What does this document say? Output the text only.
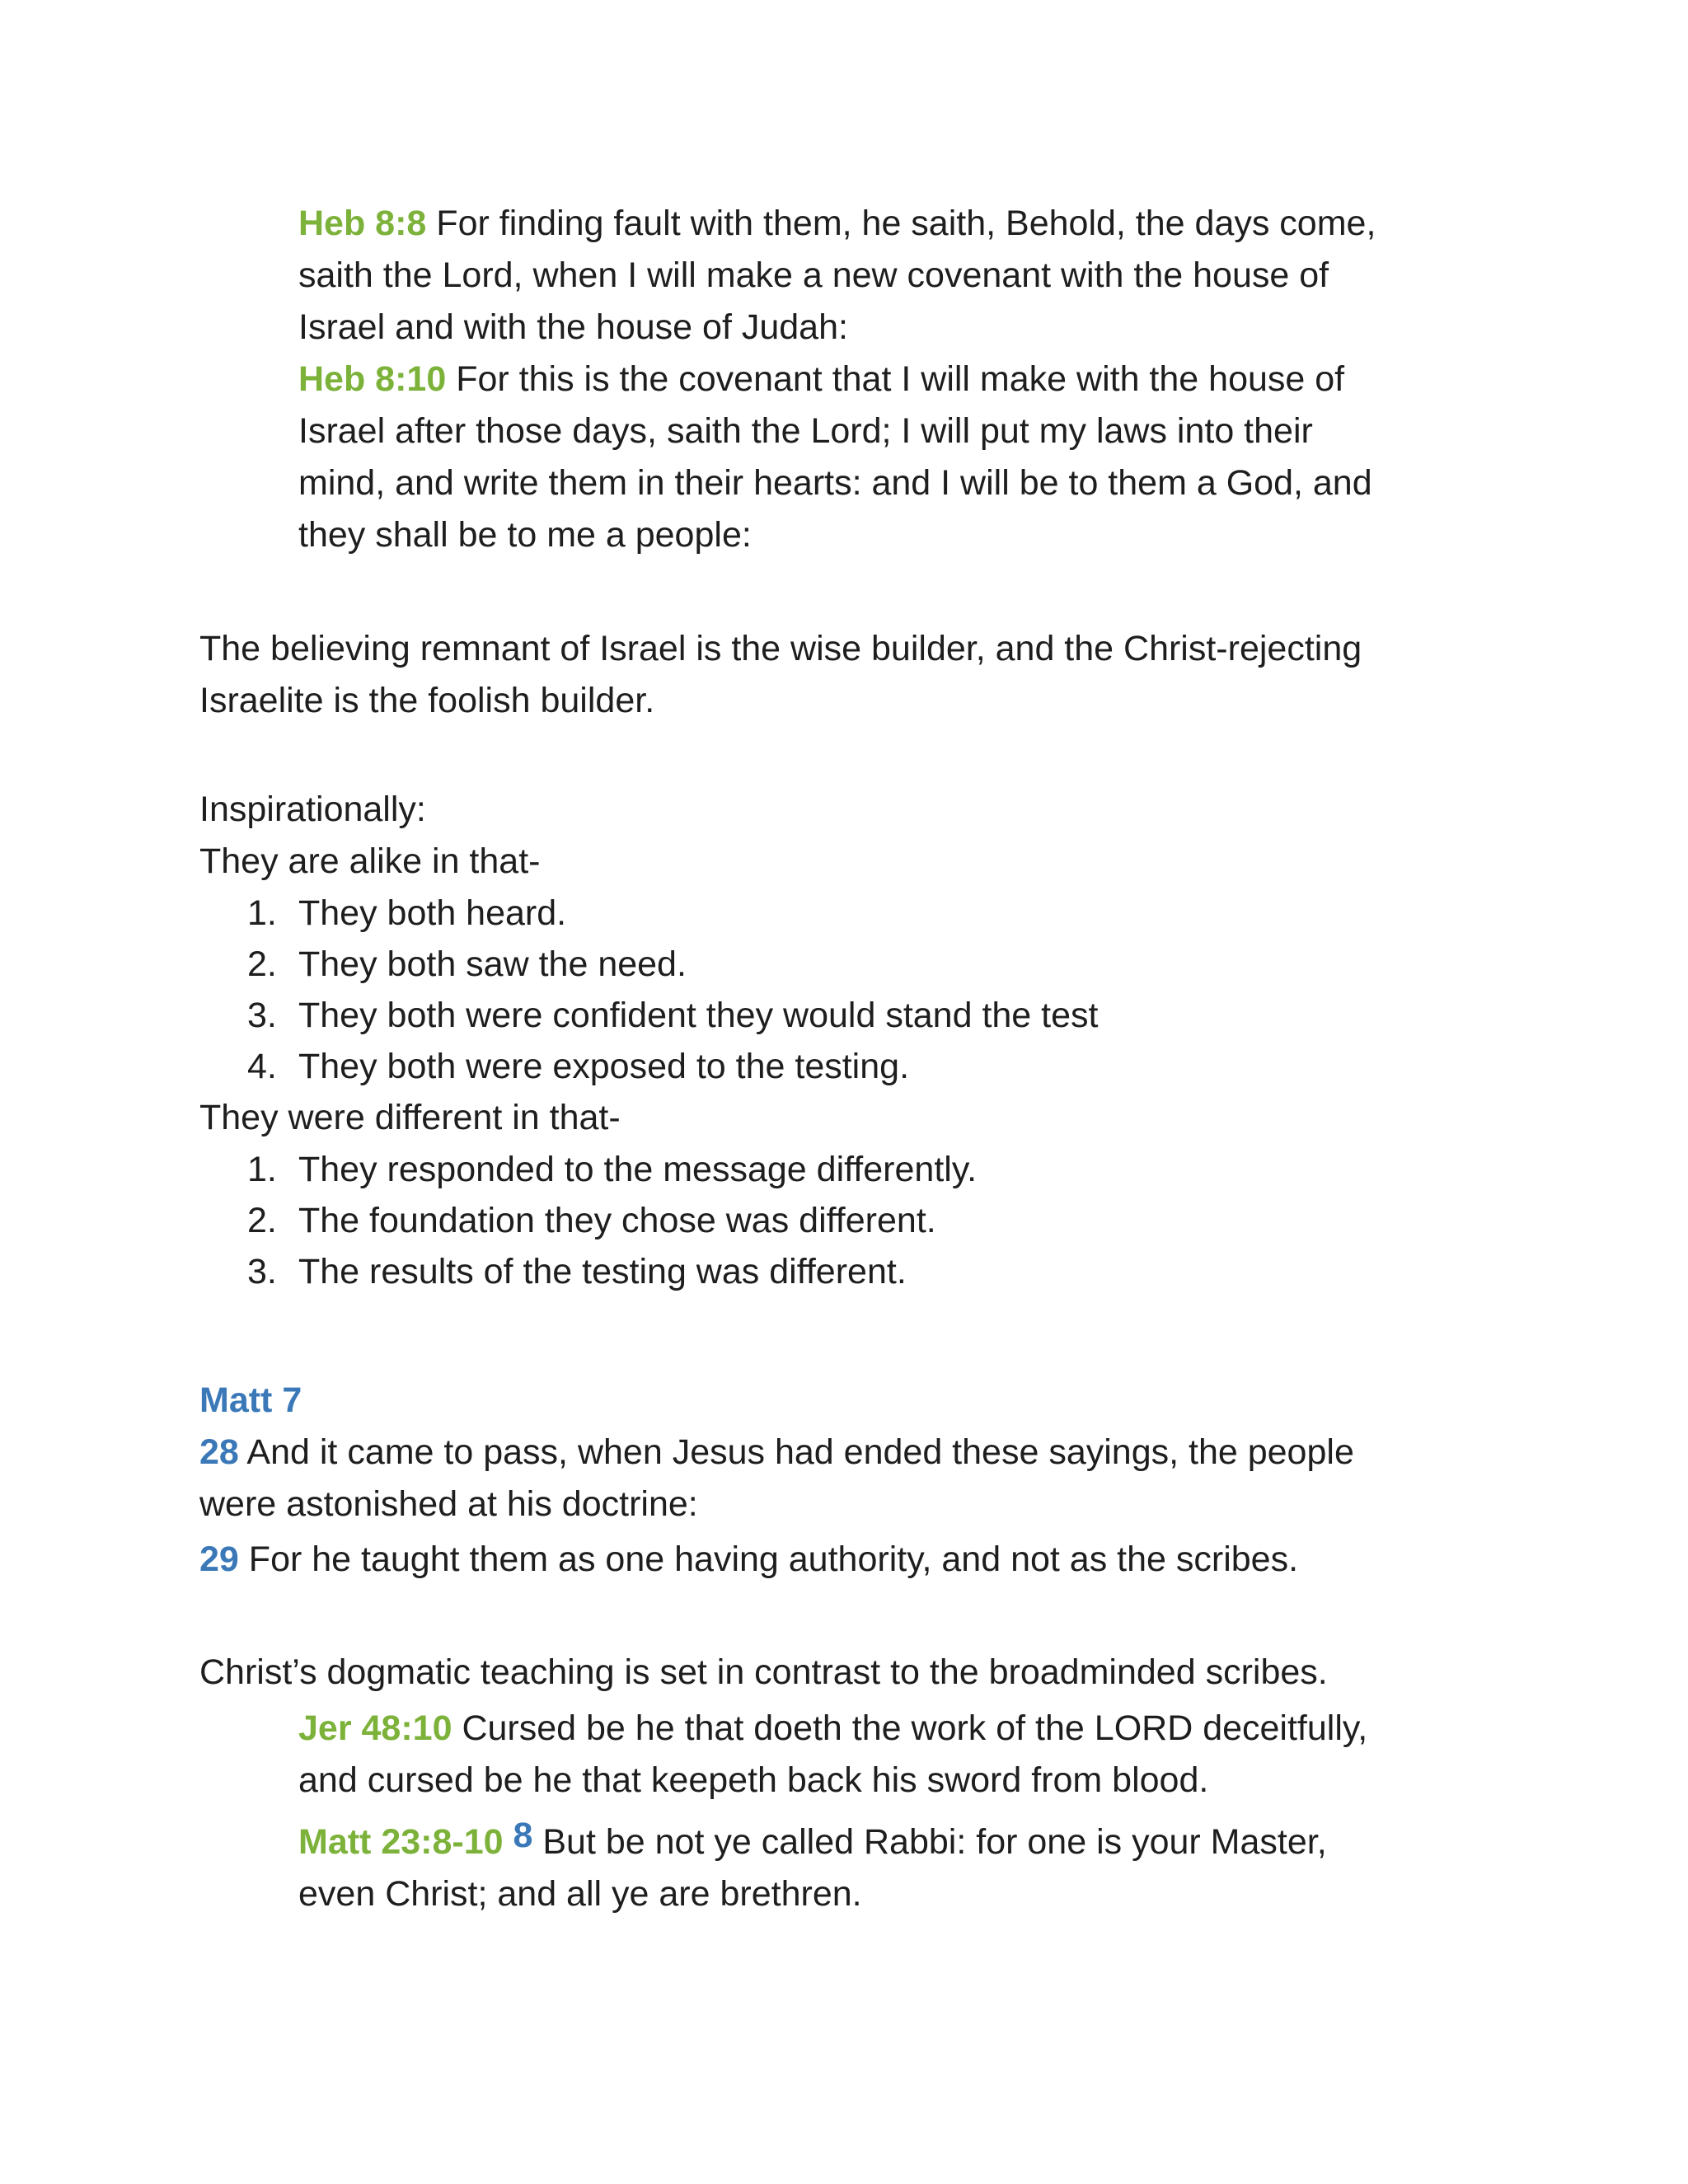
Heb 8:8 For finding fault with them, he saith, Behold, the days come,

saith the Lord, when I will make a new covenant with the house of

Israel and with the house of Judah:

Heb 8:10 For this is the covenant that I will make with the house of

Israel after those days, saith the Lord; I will put my laws into their

mind, and write them in their hearts: and I will be to them a God, and

they shall be to me a people:

The believing remnant of Israel is the wise builder, and the Christ-rejecting

Israelite is the foolish builder.

Inspirationally:

They are alike in that-

1. They both heard.
2. They both saw the need.
3. They both were confident they would stand the test
4. They both were exposed to the testing.

They were different in that-

1. They responded to the message differently.
2. The foundation they chose was different.
3. The results of the testing was different.

Matt 7

28 And it came to pass, when Jesus had ended these sayings, the people

were astonished at his doctrine:

29 For he taught them as one having authority, and not as the scribes.

Christ’s dogmatic teaching is set in contrast to the broadminded scribes.

Jer 48:10 Cursed be he that doeth the work of the LORD deceitfully,

and cursed be he that keepeth back his sword from blood.

Matt 23:8-10 8 But be not ye called Rabbi: for one is your Master,

even Christ; and all ye are brethren.
